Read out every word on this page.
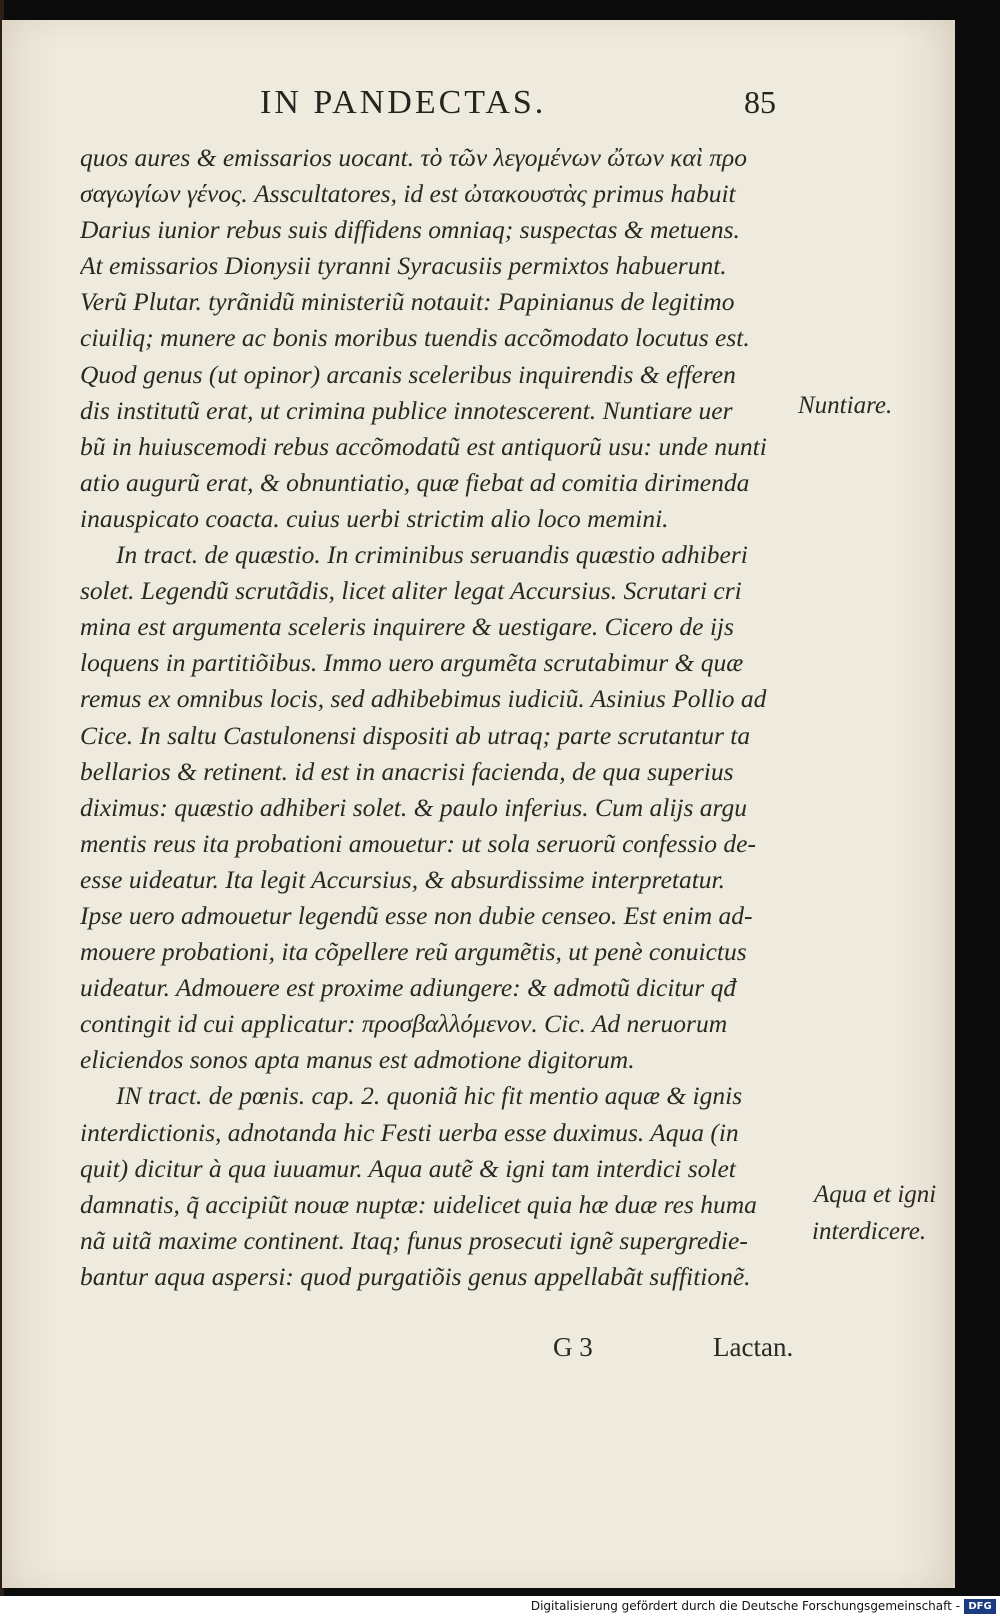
IN PANDECTAS.	85
quos aures & emissarios uocant. τὸ τῶν λεγομένων ὤτων καὶ προ
σαγωγίων γένος. Asscultatores, id est ὠτακουστὰς primus habuit
Darius iunior rebus suis diffidens omniaq; suspectas & metuens.
At emissarios Dionysii tyranni Syracusiis permixtos habuerunt.
Verũ Plutar. tyrãnidũ ministeriũ notauit: Papinianus de legitimo
ciuiliq; munere ac bonis moribus tuendis accõmodato locutus est.
Quod genus (ut opinor) arcanis sceleribus inquirendis & efferen
dis institutũ erat, ut crimina publice innotescerent. Nuntiare uer
bũ in huiuscemodi rebus accõmodatũ est antiquorũ usu: unde nunti
atio augurũ erat, & obnuntiatio, quæ fiebat ad comitia dirimenda
inauspicato coacta. cuius uerbi strictim alio loco memini.
In tract. de quæstio. In criminibus seruandis quæstio adhiberi
solet. Legendũ scrutãdis, licet aliter legat Accursius. Scrutari cri
mina est argumenta sceleris inquirere & uestigare. Cicero de ijs
loquens in partitiõibus. Immo uero argumẽta scrutabimur & quæ
remus ex omnibus locis, sed adhibebimus iudiciũ. Asinius Pollio ad
Cice. In saltu Castulonensi dispositi ab utraq; parte scrutantur ta
bellarios & retinent. id est in anacrisi facienda, de qua superius
diximus: quæstio adhiberi solet. & paulo inferius. Cum alijs argu
mentis reus ita probationi amouetur: ut sola seruorũ confessio de-
esse uideatur. Ita legit Accursius, & absurdissime interpretatur.
Ipse uero admouetur legendũ esse non dubie censeo. Est enim ad-
mouere probationi, ita cõpellere reũ argumẽtis, ut penè conuictus
uideatur. Admouere est proxime adiungere: & admotũ dicitur qđ
contingit id cui applicatur: προσβαλλόμενον. Cic. Ad neruorum
eliciendos sonos apta manus est admotione digitorum.
IN tract. de pœnis. cap. 2. quoniã hic fit mentio aquæ & ignis
interdictionis, adnotanda hic Festi uerba esse duximus. Aqua (in
quit) dicitur à qua iuuamur. Aqua autẽ & igni tam interdici solet
damnatis, q̃ accipiũt nouæ nuptæ: uidelicet quia hæ duæ res huma
nã uitã maxime continent. Itaq; funus prosecuti ignẽ supergredie-
bantur aqua aspersi: quod purgatiõis genus appellabãt suffitionẽ.
Nuntiare.
Aqua et igni
interdicere.
G 3	Lactan.
Digitalisierung gefördert durch die Deutsche Forschungsgemeinschaft - DFG
